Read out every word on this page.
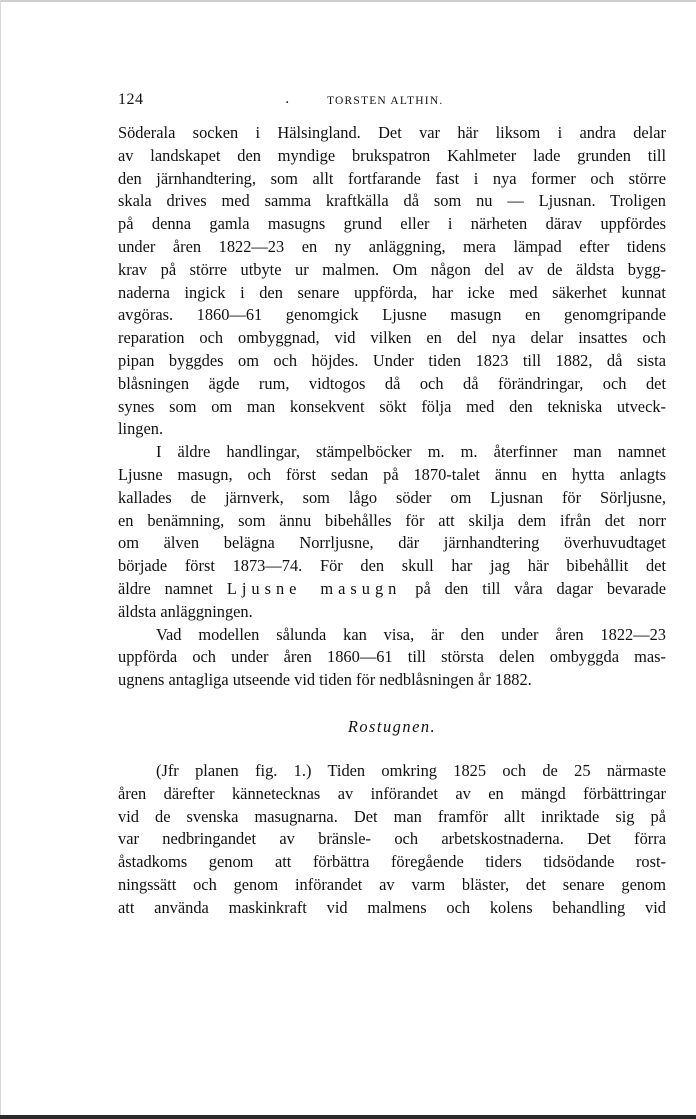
124	.	TORSTEN ALTHIN.

Söderala socken i Hälsingland. Det var här liksom i andra delar
av landskapet den myndige brukspatron Kahlmeter lade grunden till
den järnhandtering, som allt fortfarande fast i nya former och större
skala drives med samma kraftkälla då som nu — Ljusnan. Troligen
på denna gamla masugns grund eller i närheten därav uppfördes
under åren 1822—23 en ny anläggning, mera lämpad efter tidens
krav på större utbyte ur malmen. Om någon del av de äldsta bygg-
naderna ingick i den senare uppförda, har icke med säkerhet kunnat
avgöras. 1860—61 genomgick Ljusne masugn en genomgripande
reparation och ombyggnad, vid vilken en del nya delar insattes och
pipan byggdes om och höjdes. Under tiden 1823 till 1882, då sista
blåsningen ägde rum, vidtogos då och då förändringar, och det
synes som om man konsekvent sökt följa med den tekniska utveck-
lingen.

I äldre handlingar, stämpelböcker m. m. återfinner man namnet
Ljusne masugn, och först sedan på 1870-talet ännu en hytta anlagts
kallades de järnverk, som lågo söder om Ljusnan för Sörljusne,
en benämning, som ännu bibehålles för att skilja dem ifrån det norr
om älven belägna Norrljusne, där järnhandtering överhuvudtaget
började först 1873—74. För den skull har jag här bibehållit det
äldre namnet Ljusne masugn på den till våra dagar bevarade
äldsta anläggningen.

Vad modellen sålunda kan visa, är den under åren 1822—23
uppförda och under åren 1860—61 till största delen ombyggda mas-
ugnens antagliga utseende vid tiden för nedblåsningen år 1882.

Rostugnen.

(Jfr planen fig. 1.) Tiden omkring 1825 och de 25 närmaste
åren därefter kännetecknas av införandet av en mängd förbättringar
vid de svenska masugnarna. Det man framför allt inriktade sig på
var nedbringandet av bränsle- och arbetskostnaderna. Det förra
åstadkoms genom att förbättra föregående tiders tidsödande rost-
ningssätt och genom införandet av varm bläster, det senare genom
att använda maskinkraft vid malmens och kolens behandling vid
